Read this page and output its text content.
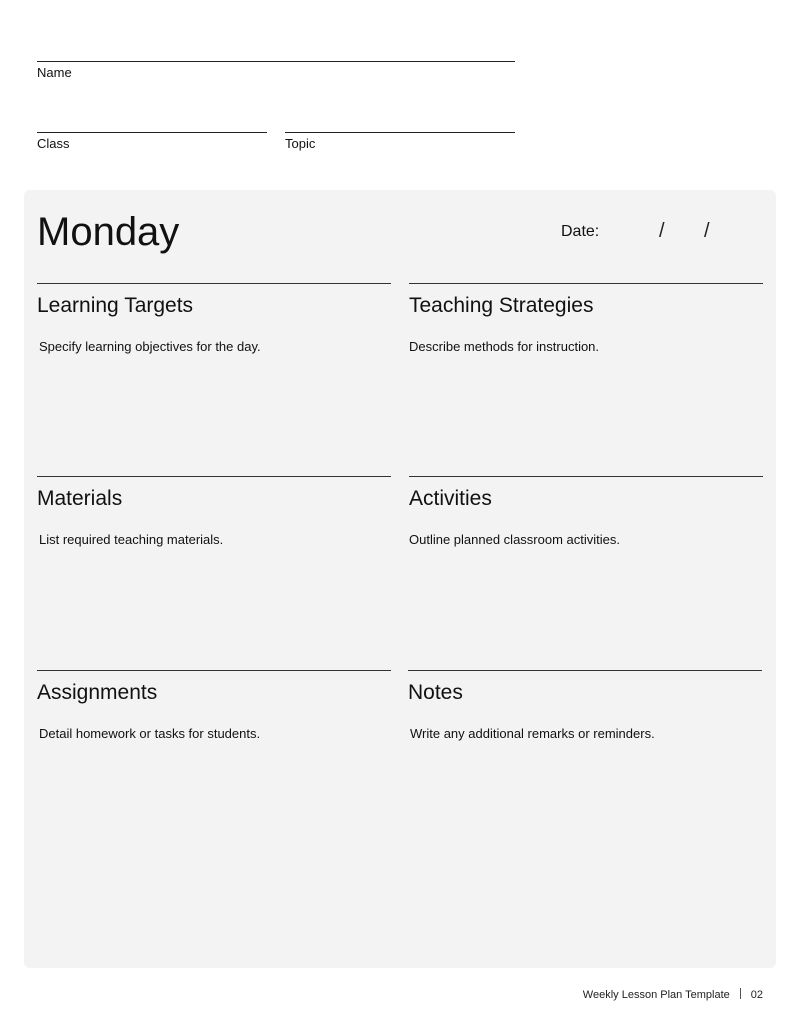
Name
Class	Topic
Monday	Date:	/ /
Learning Targets
Specify learning objectives for the day.
Teaching Strategies
Describe methods for instruction.
Materials
List required teaching materials.
Activities
Outline planned classroom activities.
Assignments
Detail homework or tasks for students.
Notes
Write any additional remarks or reminders.
Weekly Lesson Plan Template 02
